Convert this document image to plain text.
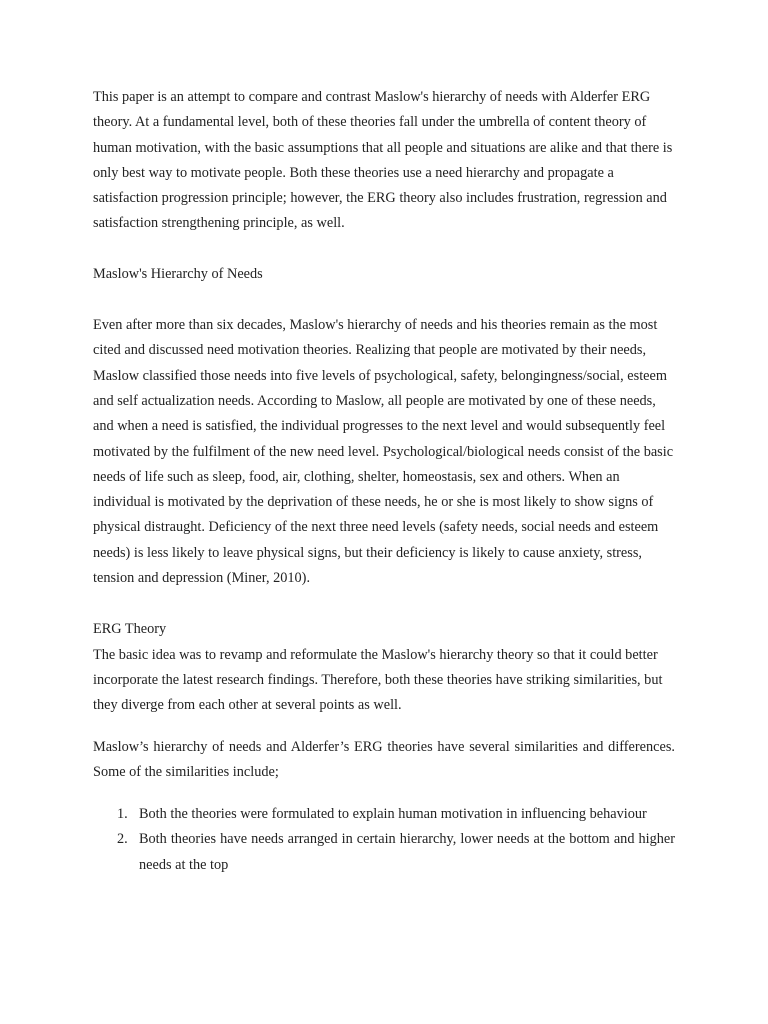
This paper is an attempt to compare and contrast Maslow's hierarchy of needs with Alderfer ERG theory. At a fundamental level, both of these theories fall under the umbrella of content theory of human motivation, with the basic assumptions that all people and situations are alike and that there is only best way to motivate people. Both these theories use a need hierarchy and propagate a satisfaction progression principle; however, the ERG theory also includes frustration, regression and satisfaction strengthening principle, as well.

Maslow's Hierarchy of Needs

Even after more than six decades, Maslow's hierarchy of needs and his theories remain as the most cited and discussed need motivation theories. Realizing that people are motivated by their needs, Maslow classified those needs into five levels of psychological, safety, belongingness/social, esteem and self actualization needs. According to Maslow, all people are motivated by one of these needs, and when a need is satisfied, the individual progresses to the next level and would subsequently feel motivated by the fulfilment of the new need level. Psychological/biological needs consist of the basic needs of life such as sleep, food, air, clothing, shelter, homeostasis, sex and others. When an individual is motivated by the deprivation of these needs, he or she is most likely to show signs of physical distraught. Deficiency of the next three need levels (safety needs, social needs and esteem needs) is less likely to leave physical signs, but their deficiency is likely to cause anxiety, stress, tension and depression (Miner, 2010).

ERG Theory

The basic idea was to revamp and reformulate the Maslow's hierarchy theory so that it could better incorporate the latest research findings. Therefore, both these theories have striking similarities, but they diverge from each other at several points as well.

Maslow’s hierarchy of needs and Alderfer’s ERG theories have several similarities and differences. Some of the similarities include;

1. Both the theories were formulated to explain human motivation in influencing behaviour
2. Both theories have needs arranged in certain hierarchy, lower needs at the bottom and higher needs at the top
